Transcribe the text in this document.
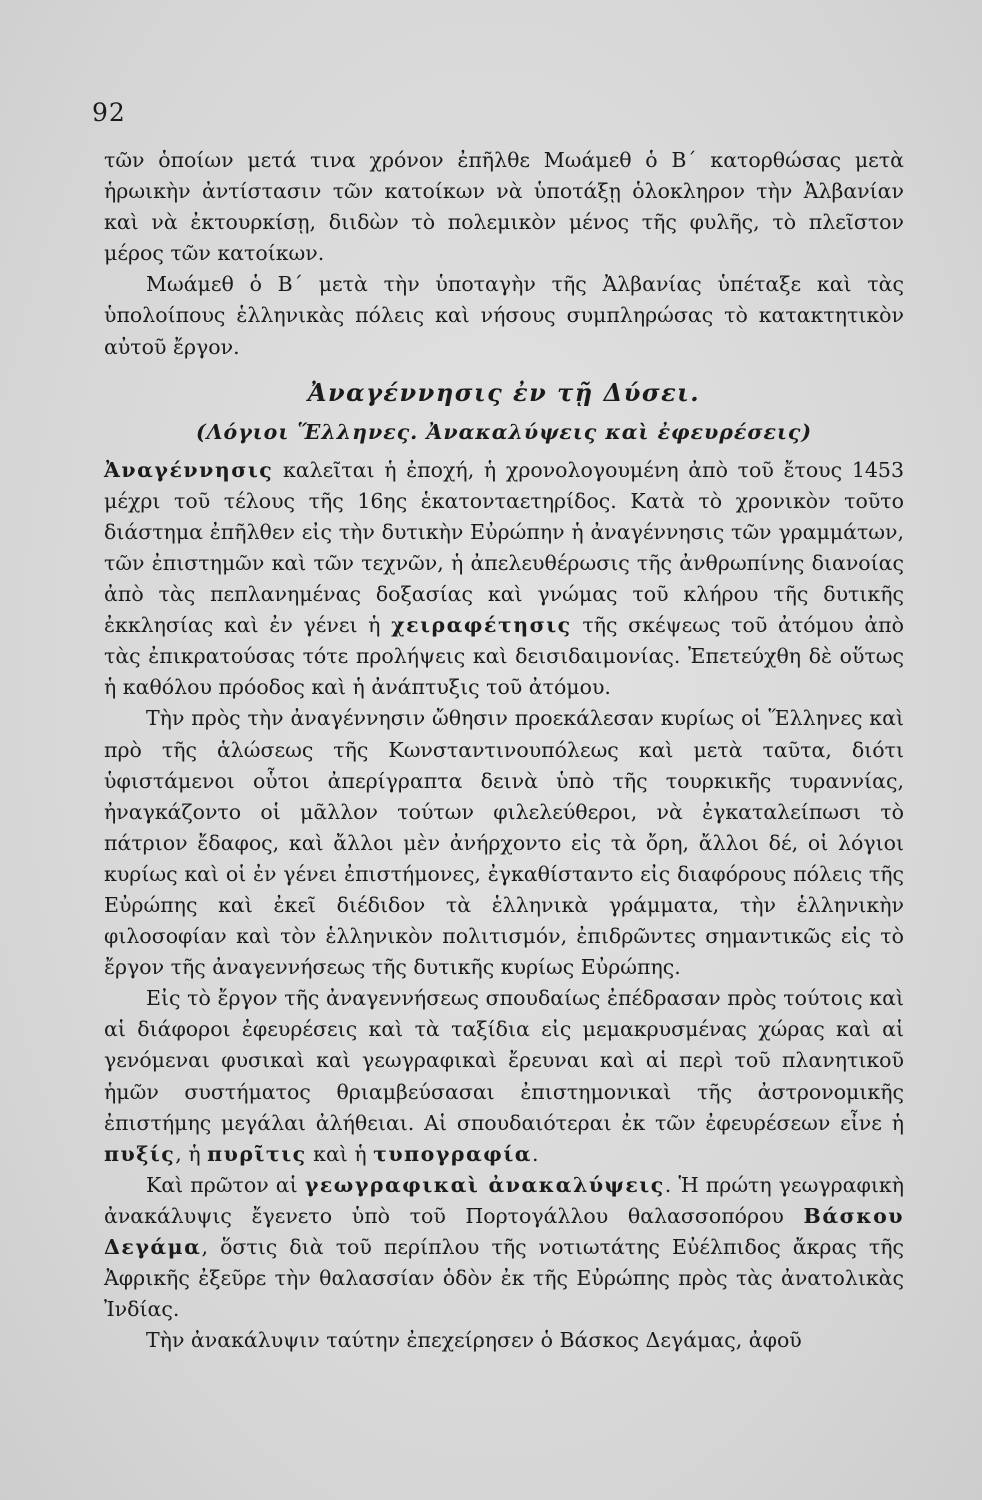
92

τῶν ὁποίων μετά τινα χρόνον ἐπῆλθε Μωάμεθ ὁ Β΄ κατορθώσας μετὰ ἡρωικὴν ἀντίστασιν τῶν κατοίκων νὰ ὑποτάξῃ ὁλοκληρον τὴν Ἀλβανίαν καὶ νὰ ἐκτουρκίσῃ, διιδὼν τὸ πολεμικὸν μένος τῆς φυλῆς, τὸ πλεῖστον μέρος τῶν κατοίκων.

Μωάμεθ ὁ Β΄ μετὰ τὴν ὑποταγὴν τῆς Ἀλβανίας ὑπέταξε καὶ τὰς ὑπολοίπους ἑλληνικὰς πόλεις καὶ νήσους συμπληρώσας τὸ κατακτητικὸν αὐτοῦ ἔργον.

Ἀναγέννησις ἐν τῇ Δύσει.
(Λόγιοι Ἕλληνες. Ἀνακαλύψεις καὶ ἐφευρέσεις)

Ἀναγέννησις καλεῖται ἡ ἐποχή, ἡ χρονολογουμένη ἀπὸ τοῦ ἔτους 1453 μέχρι τοῦ τέλους τῆς 16ης ἑκατονταετηρίδος. Κατὰ τὸ χρονικὸν τοῦτο διάστημα ἐπῆλθεν εἰς τὴν δυτικὴν Εὐρώπην ἡ ἀναγέννησις τῶν γραμμάτων, τῶν ἐπιστημῶν καὶ τῶν τεχνῶν, ἡ ἀπελευθέρωσις τῆς ἀνθρωπίνης διανοίας ἀπὸ τὰς πεπλανημένας δοξασίας καὶ γνώμας τοῦ κλήρου τῆς δυτικῆς ἐκκλησίας καὶ ἐν γένει ἡ χειραφέτησις τῆς σκέψεως τοῦ ἀτόμου ἀπὸ τὰς ἐπικρατούσας τότε προλήψεις καὶ δεισιδαιμονίας. Ἐπετεύχθη δὲ οὕτως ἡ καθόλου πρόοδος καὶ ἡ ἀνάπτυξις τοῦ ἀτόμου.

Τὴν πρὸς τὴν ἀναγέννησιν ὤθησιν προεκάλεσαν κυρίως οἱ Ἕλληνες καὶ πρὸ τῆς ἁλώσεως τῆς Κωνσταντινουπόλεως καὶ μετὰ ταῦτα, διότι ὑφιστάμενοι οὗτοι ἀπερίγραπτα δεινὰ ὑπὸ τῆς τουρκικῆς τυραννίας, ἠναγκάζοντο οἱ μᾶλλον τούτων φιλελεύθεροι, νὰ ἐγκαταλείπωσι τὸ πάτριον ἔδαφος, καὶ ἄλλοι μὲν ἀνήρχοντο εἰς τὰ ὄρη, ἄλλοι δέ, οἱ λόγιοι κυρίως καὶ οἱ ἐν γένει ἐπιστήμονες, ἐγκαθίσταντο εἰς διαφόρους πόλεις τῆς Εὐρώπης καὶ ἐκεῖ διέδιδον τὰ ἑλληνικὰ γράμματα, τὴν ἑλληνικὴν φιλοσοφίαν καὶ τὸν ἑλληνικὸν πολιτισμόν, ἐπιδρῶντες σημαντικῶς εἰς τὸ ἔργον τῆς ἀναγεννήσεως τῆς δυτικῆς κυρίως Εὐρώπης.

Εἰς τὸ ἔργον τῆς ἀναγεννήσεως σπουδαίως ἐπέδρασαν πρὸς τούτοις καὶ αἱ διάφοροι ἐφευρέσεις καὶ τὰ ταξίδια εἰς μεμακρυσμένας χώρας καὶ αἱ γενόμεναι φυσικαὶ καὶ γεωγραφικαὶ ἔρευναι καὶ αἱ περὶ τοῦ πλανητικοῦ ἡμῶν συστήματος θριαμβεύσασαι ἐπιστημονικαὶ τῆς ἀστρονομικῆς ἐπιστήμης μεγάλαι ἀλήθειαι. Αἱ σπουδαιότεραι ἐκ τῶν ἐφευρέσεων εἶνε ἡ πυξίς, ἡ πυρῖτις καὶ ἡ τυπογραφία.

Καὶ πρῶτον αἱ γεωγραφικαὶ ἀνακαλύψεις. Ἡ πρώτη γεωγραφικὴ ἀνακάλυψις ἔγενετο ὑπὸ τοῦ Πορτογάλλου θαλασσοπόρου Βάσκου Δεγάμα, ὅστις διὰ τοῦ περίπλου τῆς νοτιωτάτης Εὐέλπιδος ἄκρας τῆς Ἀφρικῆς ἐξεῦρε τὴν θαλασσίαν ὁδὸν ἐκ τῆς Εὐρώπης πρὸς τὰς ἀνατολικὰς Ἰνδίας.

Τὴν ἀνακάλυψιν ταύτην ἐπεχείρησεν ὁ Βάσκος Δεγάμας, ἀφοῦ
